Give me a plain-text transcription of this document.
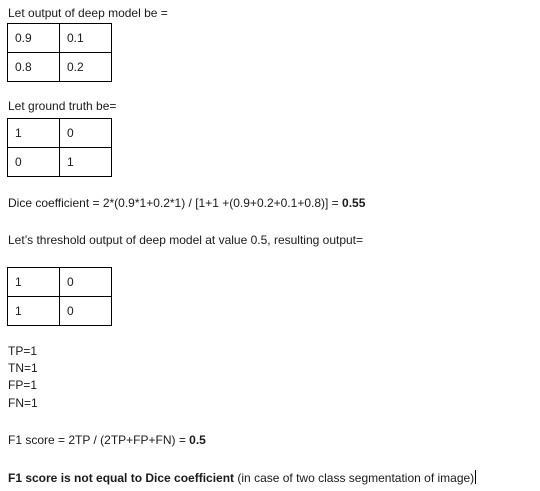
Let output of deep model be =
0.9	0.1
0.8	0.2
Let ground truth be=
1	0
0	1
Dice coefficient = 2*(0.9*1+0.2*1) / [1+1 +(0.9+0.2+0.1+0.8)] = 0.55
Let’s threshold output of deep model at value 0.5, resulting output=
1	0
1	0
TP=1
TN=1
FP=1
FN=1
F1 score = 2TP / (2TP+FP+FN) = 0.5
F1 score is not equal to Dice coefficient (in case of two class segmentation of image)
